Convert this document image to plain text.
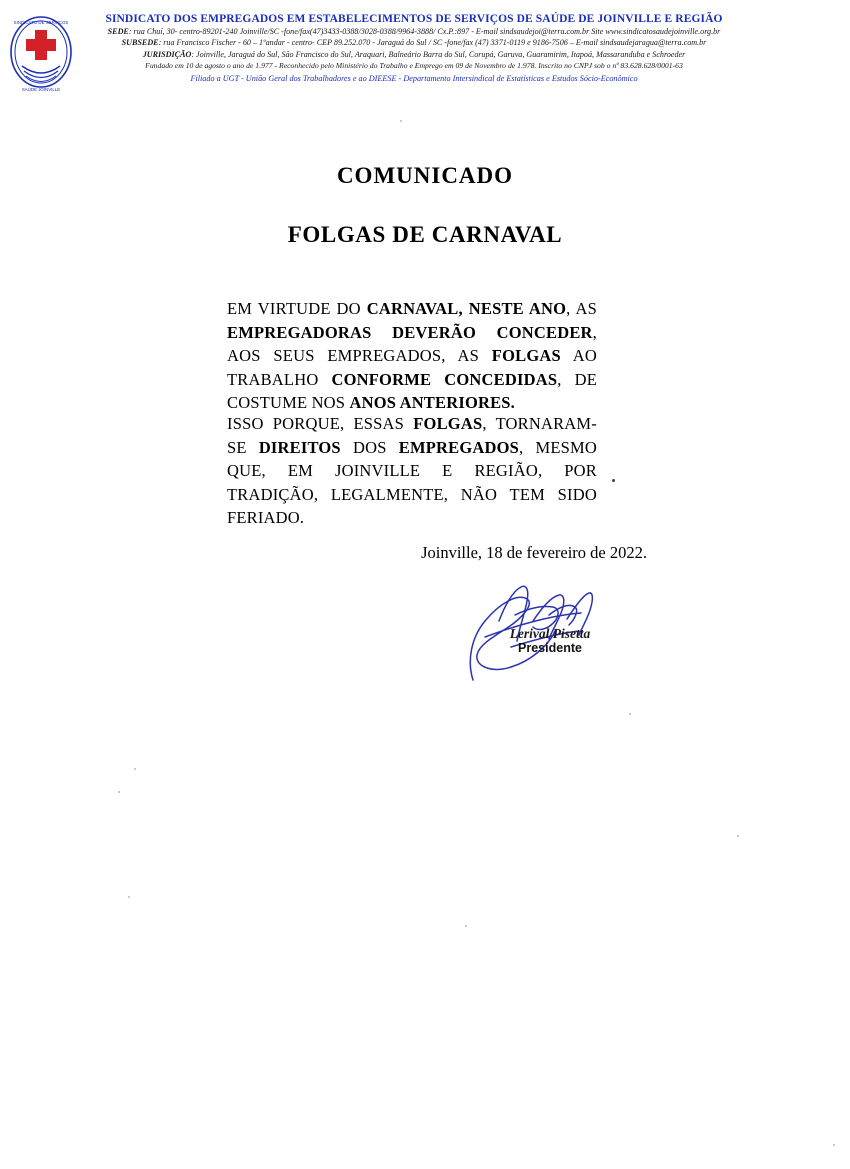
SINDICATO DE SERVIÇOS
SAÚDE JOINVILLE
SINDICATO DOS EMPREGADOS EM ESTABELECIMENTOS DE SERVIÇOS DE SAÚDE DE JOINVILLE E REGIÃO
SEDE: rua Chuí, 30- centro-89201-240 Joinville/SC -fone/fax(47)3433-0388/3028-0388/9964-3888/ Cx.P.:897 - E-mail sindsaudejoi@terra.com.br Site www.sindicatosaudejoinville.org.br
SUBSEDE: rua Francisco Fischer - 60 – 1ºandar - centro- CEP 89.252.070 - Jaraguá do Sul / SC -fone/fax (47) 3371-0119 e 9186-7506 – E-mail sindsaudejaragua@terra.com.br
JURISDIÇÃO: Joinville, Jaraguá do Sul, São Francisco do Sul, Araquari, Balneário Barra do Sul, Corupá, Garuva, Guaramirim, Itapoá, Massaranduba e Schroeder
Fundado em 10 de agosto o ano de 1.977 - Reconhecido pelo Ministério do Trabalho e Emprego em 09 de Novembro de 1.978. Inscrito no CNPJ sob o nº 83.628.628/0001-63
Filiado a UGT - União Geral dos Trabalhadores e ao DIEESE - Departamento Intersindical de Estatísticas e Estudos Sócio-Econômico
COMUNICADO
FOLGAS DE CARNAVAL
EM VIRTUDE DO CARNAVAL, NESTE ANO, AS EMPREGADORAS DEVERÃO CONCEDER, AOS SEUS EMPREGADOS, AS FOLGAS AO TRABALHO CONFORME CONCEDIDAS, DE COSTUME NOS ANOS ANTERIORES.
ISSO PORQUE, ESSAS FOLGAS, TORNARAM-SE DIREITOS DOS EMPREGADOS, MESMO QUE, EM JOINVILLE E REGIÃO, POR TRADIÇÃO, LEGALMENTE, NÃO TEM SIDO FERIADO.
Joinville, 18 de fevereiro de 2022.
Lerival Pisetta
Presidente
